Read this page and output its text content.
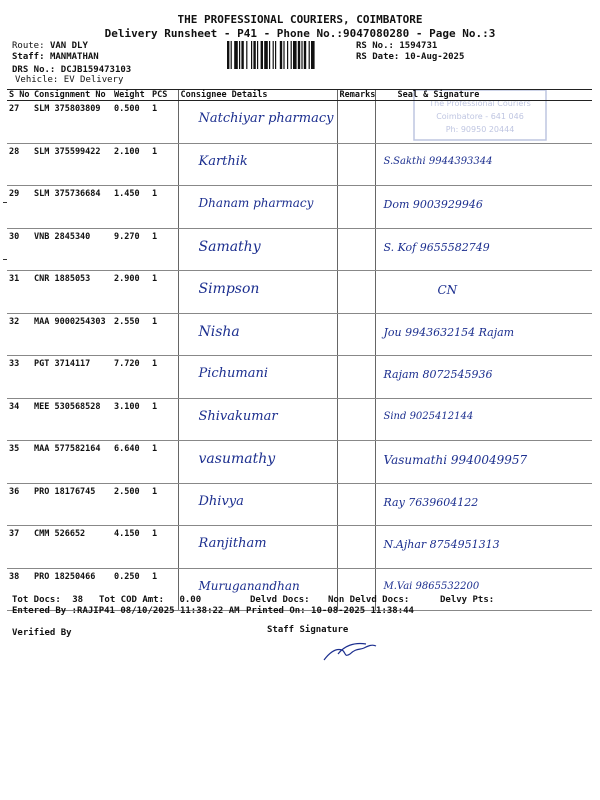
THE PROFESSIONAL COURIERS, COIMBATORE
Delivery Runsheet - P41 - Phone No.:9047080280 - Page No.:3
Route: VAN DLY
Staff: MANMATHAN
DRS No.: DCJB159473103
Vehicle: EV Delivery
RS No.: 1594731
RS Date: 10-Aug-2025
The Professional Couriers
Coimbatore - 641 046
Ph: 90950 20444
S No	Consignment No	Weight	PCS	Consignee Details	Remarks	Seal & Signature
27	SLM 375803809	0.500	1	Natchiyar pharmacy		

28	SLM 375599422	2.100	1	Karthik		S.Sakthi 9944393344

29	SLM 375736684	1.450	1	Dhanam pharmacy		Dom 9003929946

30	VNB 2845340	9.270	1	Samathy		S. Kof 9655582749

31	CNR 1885053	2.900	1	Simpson		CN

32	MAA 9000254303	2.550	1	Nisha		Jou 9943632154 Rajam

33	PGT 3714117	7.720	1	Pichumani		Rajam 8072545936

34	MEE 530568528	3.100	1	Shivakumar		Sind 9025412144

35	MAA 577582164	6.640	1	vasumathy		Vasumathi 9940049957

36	PRO 18176745	2.500	1	Dhivya		Ray 7639604122

37	CMM 526652	4.150	1	Ranjitham		N.Ajhar 8754951313

38	PRO 18250466	0.250	1	Muruganandhan		M.Vai 9865532200
Tot Docs: 38 Tot COD Amt: 0.00	Delvd Docs: Non Delvd Docs:	Delvy Pts:
Entered By :RAJIP41 08/10/2025 11:38:22 AM Printed On: 10-08-2025 11:38:44
Verified By	Staff Signature
